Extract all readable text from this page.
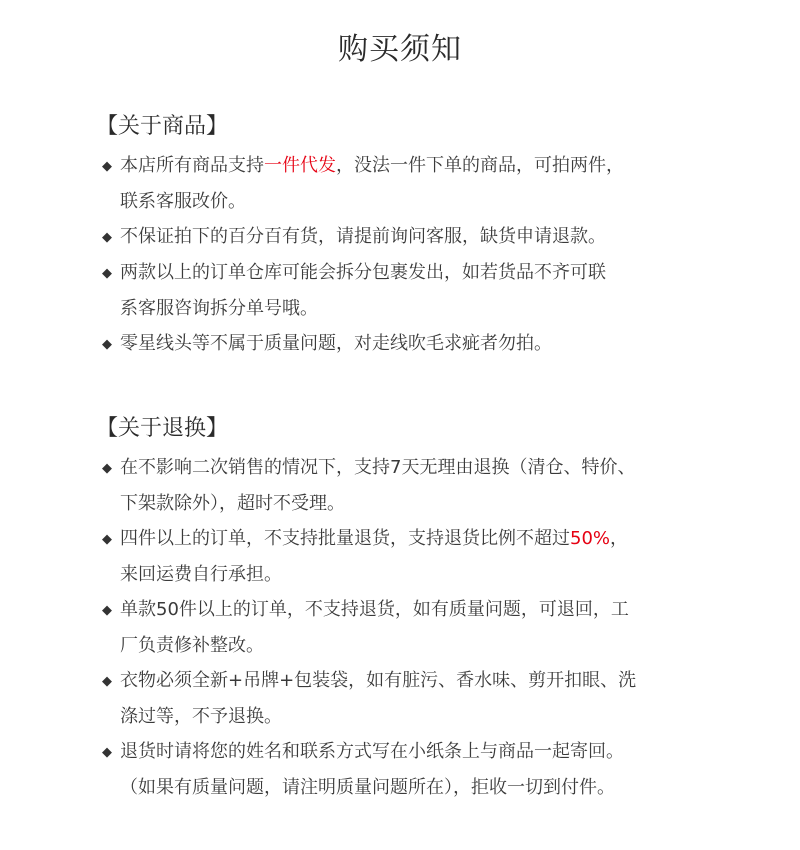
购买须知
【关于商品】
◆ 本店所有商品支持一件代发，没法一件下单的商品，可拍两件，
联系客服改价。
◆ 不保证拍下的百分百有货，请提前询问客服，缺货申请退款。
◆ 两款以上的订单仓库可能会拆分包裹发出，如若货品不齐可联
系客服咨询拆分单号哦。
◆ 零星线头等不属于质量问题，对走线吹毛求疵者勿拍。
【关于退换】
◆ 在不影响二次销售的情况下，支持7天无理由退换（清仓、特价、
下架款除外），超时不受理。
◆ 四件以上的订单，不支持批量退货，支持退货比例不超过50%，
来回运费自行承担。
◆ 单款50件以上的订单，不支持退货，如有质量问题，可退回，工
厂负责修补整改。
◆ 衣物必须全新+吊牌+包装袋，如有脏污、香水味、剪开扣眼、洗
涤过等，不予退换。
◆ 退货时请将您的姓名和联系方式写在小纸条上与商品一起寄回。
（如果有质量问题，请注明质量问题所在），拒收一切到付件。
